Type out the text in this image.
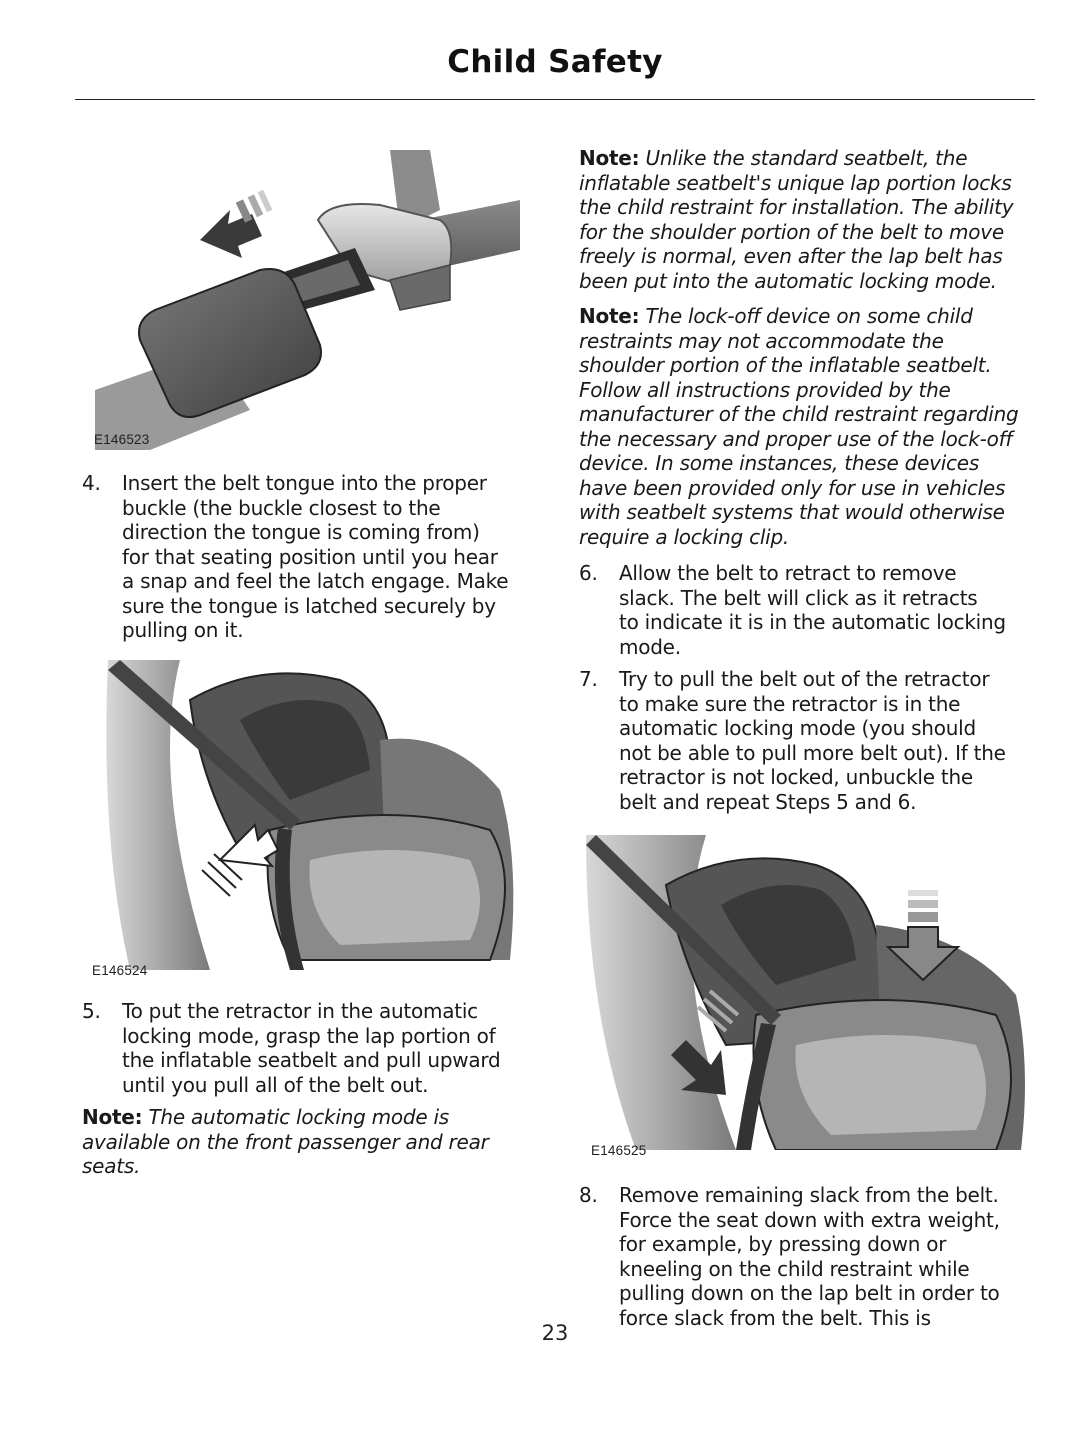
Child Safety
E146523
4. Insert the belt tongue into the proper
buckle (the buckle closest to the
direction the tongue is coming from)
for that seating position until you hear
a snap and feel the latch engage. Make
sure the tongue is latched securely by
pulling on it.
E146524
5. To put the retractor in the automatic
locking mode, grasp the lap portion of
the inflatable seatbelt and pull upward
until you pull all of the belt out.
Note: The automatic locking mode is
available on the front passenger and rear
seats.
Note: Unlike the standard seatbelt, the
inflatable seatbelt's unique lap portion locks
the child restraint for installation. The ability
for the shoulder portion of the belt to move
freely is normal, even after the lap belt has
been put into the automatic locking mode.
Note: The lock-off device on some child
restraints may not accommodate the
shoulder portion of the inflatable seatbelt.
Follow all instructions provided by the
manufacturer of the child restraint regarding
the necessary and proper use of the lock-off
device. In some instances, these devices
have been provided only for use in vehicles
with seatbelt systems that would otherwise
require a locking clip.
6. Allow the belt to retract to remove
slack. The belt will click as it retracts
to indicate it is in the automatic locking
mode.
7. Try to pull the belt out of the retractor
to make sure the retractor is in the
automatic locking mode (you should
not be able to pull more belt out). If the
retractor is not locked, unbuckle the
belt and repeat Steps 5 and 6.
E146525
8. Remove remaining slack from the belt.
Force the seat down with extra weight,
for example, by pressing down or
kneeling on the child restraint while
pulling down on the lap belt in order to
force slack from the belt. This is
23
